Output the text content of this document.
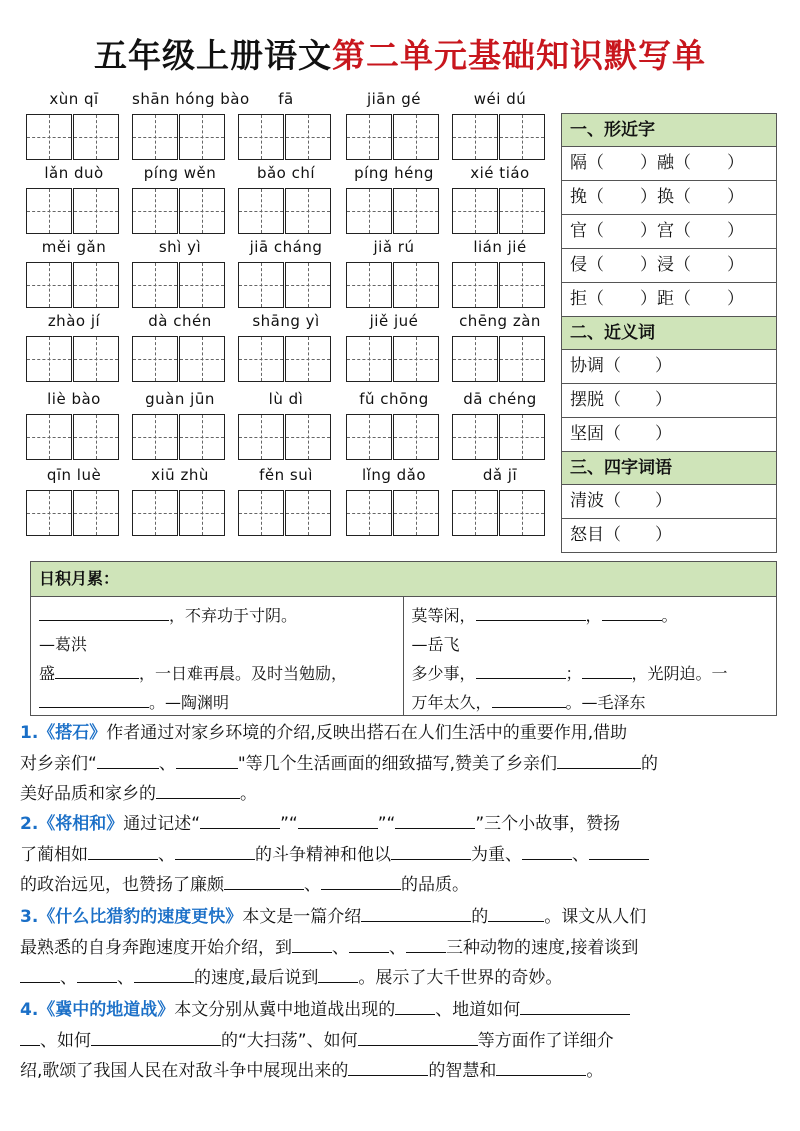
五年级上册语文第二单元基础知识默写单
xùn qī	shān hóng bào	fā	jiān gé	wéi dú
lǎn duò	píng wěn	bǎo chí	píng héng	xié tiáo
měi gǎn	shì yì	jiā cháng	jiǎ rú	lián jié
zhào jí	dà chén	shāng yì	jiě jué	chēng zàn
liè bào	guàn jūn	lù dì	fǔ chōng	dā chéng
qīn luè	xiū zhù	fěn suì	lǐng dǎo	dǎ jī
一、形近字
隔（ ）融（ ）
挽（ ）换（ ）
官（ ）宫（ ）
侵（ ）浸（ ）
拒（ ）距（ ）
二、近义词
协调（　　）
摆脱（　　）
坚固（　　）
三、四字词语
清波（　　）
怒目（　　）
日积月累：

，不弃功于寸阴。

—葛洪

盛	，一日难再晨。及时当勉励，

。—陶渊明

莫等闲，	，	。

—岳飞

多少事，	；	，光阴迫。一

万年太久，	。—毛泽东

1.《搭石》作者通过对家乡环境的介绍,反映出搭石在人们生活中的重要作用,借助
对乡亲们“	、	"等几个生活画面的细致描写,赞美了乡亲们	的
美好品质和家乡的	。
2.《将相和》通过记述“	”“	”“	”三个小故事，赞扬
了蔺相如	、	的斗争精神和他以	为重、	、
的政治远见，也赞扬了廉颇	、	的品质。
3.《什么比猎豹的速度更快》本文是一篇介绍	的	。课文从人们
最熟悉的自身奔跑速度开始介绍，到 、 、 三种动物的速度,接着谈到
、 、	的速度,最后说到 。展示了大千世界的奇妙。
4.《冀中的地道战》本文分别从冀中地道战出现的 、地道如何
、如何	的“大扫荡”、如何	等方面作了详细介
绍,歌颂了我国人民在对敌斗争中展现出来的	的智慧和	。
